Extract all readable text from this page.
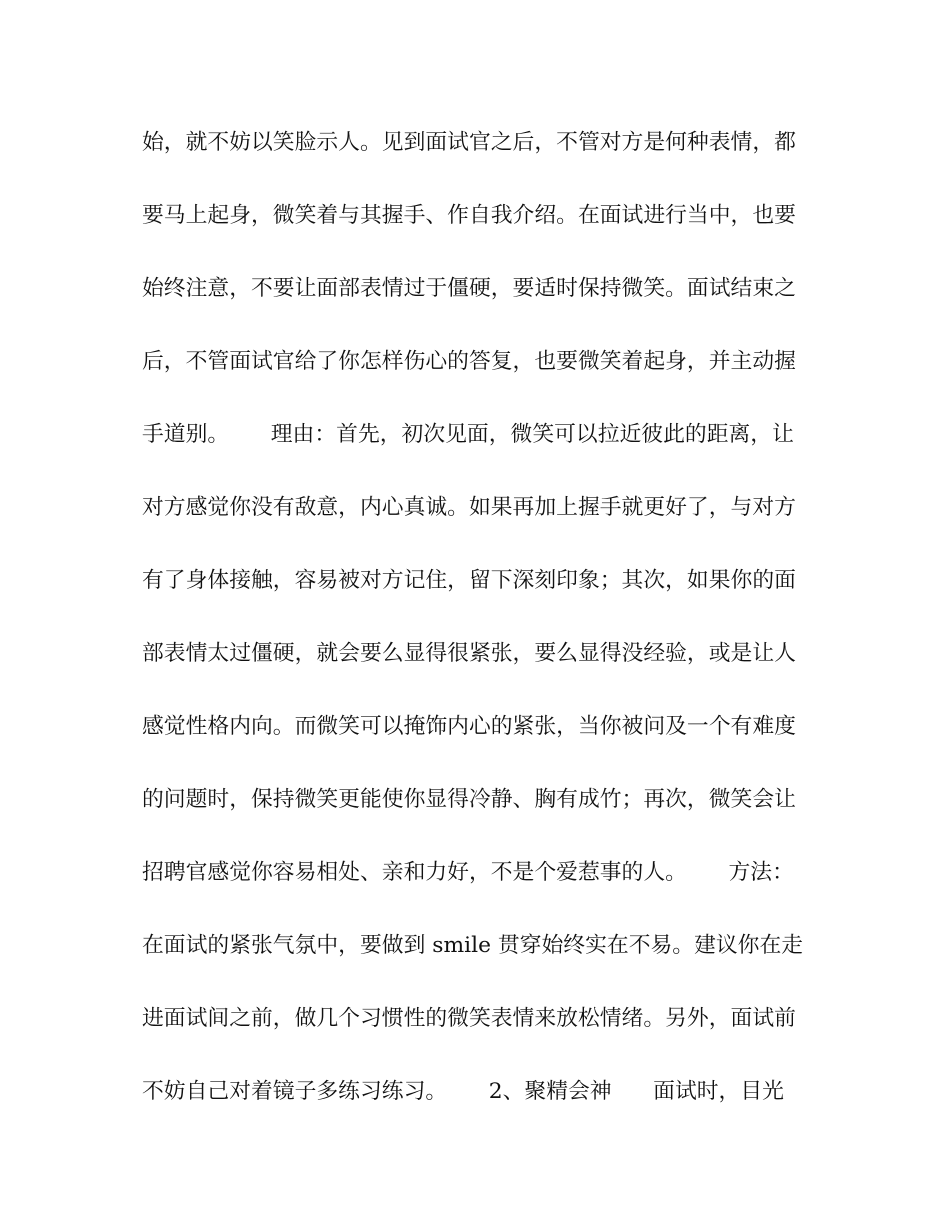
始，就不妨以笑脸示人。见到面试官之后，不管对方是何种表情，都
要马上起身，微笑着与其握手、作自我介绍。在面试进行当中，也要
始终注意，不要让面部表情过于僵硬，要适时保持微笑。面试结束之
后，不管面试官给了你怎样伤心的答复，也要微笑着起身，并主动握
手道别。      理由：首先，初次见面，微笑可以拉近彼此的距离，让
对方感觉你没有敌意，内心真诚。如果再加上握手就更好了，与对方
有了身体接触，容易被对方记住，留下深刻印象；其次，如果你的面
部表情太过僵硬，就会要么显得很紧张，要么显得没经验，或是让人
感觉性格内向。而微笑可以掩饰内心的紧张，当你被问及一个有难度
的问题时，保持微笑更能使你显得冷静、胸有成竹；再次，微笑会让
招聘官感觉你容易相处、亲和力好，不是个爱惹事的人。      方法：
在面试的紧张气氛中，要做到 smile 贯穿始终实在不易。建议你在走
进面试间之前，做几个习惯性的微笑表情来放松情绪。另外，面试前
不妨自己对着镜子多练习练习。      2、聚精会神      面试时，目光
